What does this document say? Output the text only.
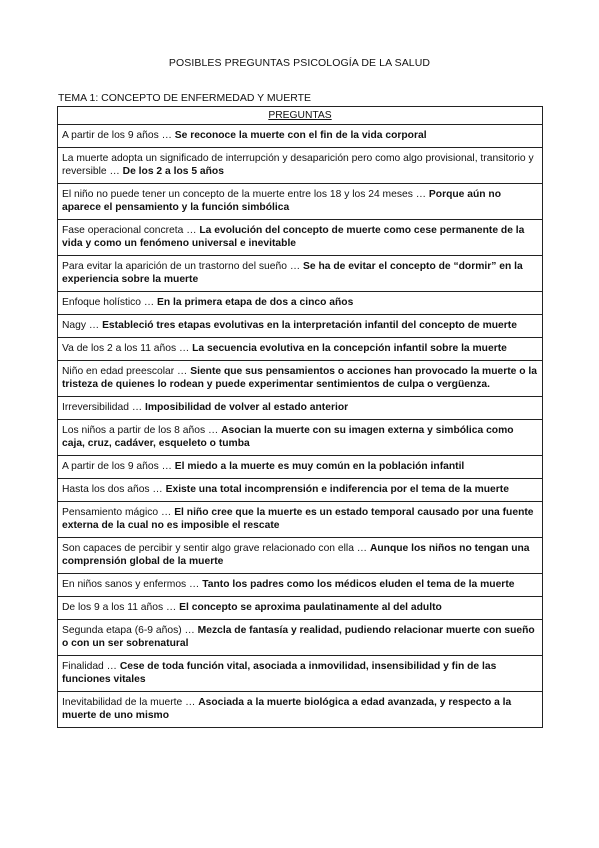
POSIBLES PREGUNTAS PSICOLOGÍA DE LA SALUD
TEMA 1: CONCEPTO DE ENFERMEDAD Y MUERTE
PREGUNTAS
A partir de los 9 años … Se reconoce la muerte con el fin de la vida corporal
La muerte adopta un significado de interrupción y desaparición pero como algo provisional, transitorio y reversible … De los 2 a los 5 años
El niño no puede tener un concepto de la muerte entre los 18 y los 24 meses … Porque aún no aparece el pensamiento y la función simbólica
Fase operacional concreta … La evolución del concepto de muerte como cese permanente de la vida y como un fenómeno universal e inevitable
Para evitar la aparición de un trastorno del sueño … Se ha de evitar el concepto de “dormir” en la experiencia sobre la muerte
Enfoque holístico … En la primera etapa de dos a cinco años
Nagy … Estableció tres etapas evolutivas en la interpretación infantil del concepto de muerte
Va de los 2 a los 11 años … La secuencia evolutiva en la concepción infantil sobre la muerte
Niño en edad preescolar … Siente que sus pensamientos o acciones han provocado la muerte o la tristeza de quienes lo rodean y puede experimentar sentimientos de culpa o vergüenza.
Irreversibilidad … Imposibilidad de volver al estado anterior
Los niños a partir de los 8 años … Asocian la muerte con su imagen externa y simbólica como caja, cruz, cadáver, esqueleto o tumba
A partir de los 9 años … El miedo a la muerte es muy común en la población infantil
Hasta los dos años … Existe una total incomprensión e indiferencia por el tema de la muerte
Pensamiento mágico … El niño cree que la muerte es un estado temporal causado por una fuente externa de la cual no es imposible el rescate
Son capaces de percibir y sentir algo grave relacionado con ella … Aunque los niños no tengan una comprensión global de la muerte
En niños sanos y enfermos … Tanto los padres como los médicos eluden el tema de la muerte
De los 9 a los 11 años … El concepto se aproxima paulatinamente al del adulto
Segunda etapa (6-9 años) … Mezcla de fantasía y realidad, pudiendo relacionar muerte con sueño o con un ser sobrenatural
Finalidad … Cese de toda función vital, asociada a inmovilidad, insensibilidad y fin de las funciones vitales
Inevitabilidad de la muerte … Asociada a la muerte biológica a edad avanzada, y respecto a la muerte de uno mismo
